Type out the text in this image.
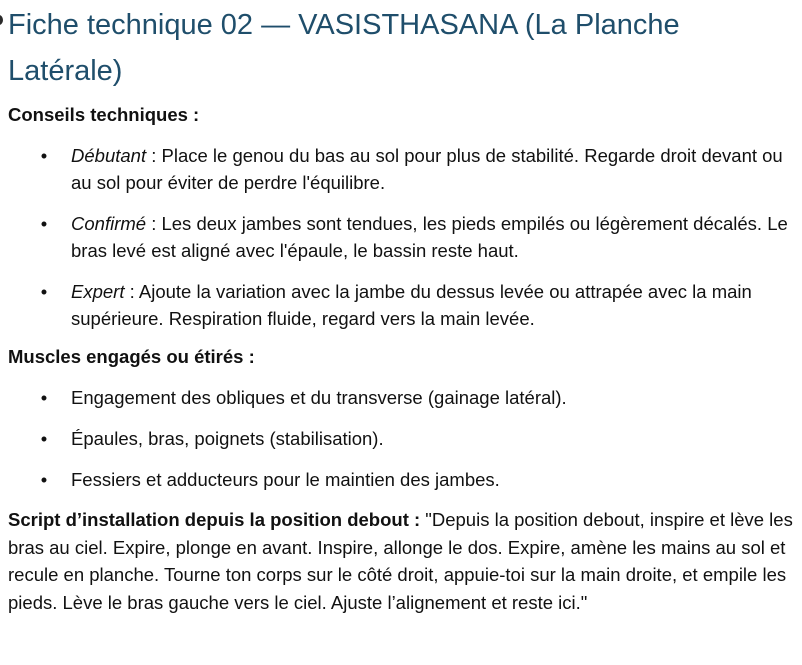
Fiche technique 02 — VASISTHASANA (La Planche Latérale)
Conseils techniques :
• Débutant : Place le genou du bas au sol pour plus de stabilité. Regarde droit devant ou au sol pour éviter de perdre l'équilibre.
• Confirmé : Les deux jambes sont tendues, les pieds empilés ou légèrement décalés. Le bras levé est aligné avec l'épaule, le bassin reste haut.
• Expert : Ajoute la variation avec la jambe du dessus levée ou attrapée avec la main supérieure. Respiration fluide, regard vers la main levée.
Muscles engagés ou étirés :
• Engagement des obliques et du transverse (gainage latéral).
• Épaules, bras, poignets (stabilisation).
• Fessiers et adducteurs pour le maintien des jambes.

Script d’installation depuis la position debout : "Depuis la position debout, inspire et lève les bras au ciel. Expire, plonge en avant. Inspire, allonge le dos. Expire, amène les mains au sol et recule en planche. Tourne ton corps sur le côté droit, appuie-toi sur la main droite, et empile les pieds. Lève le bras gauche vers le ciel. Ajuste l’alignement et reste ici."
